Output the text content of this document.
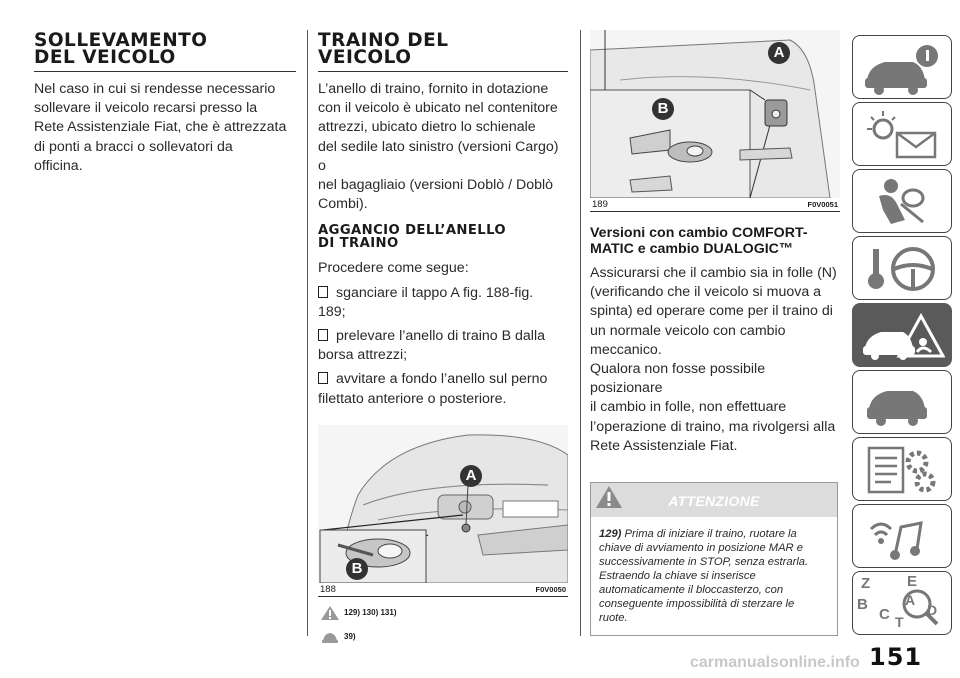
SOLLEVAMENTO
DEL VEICOLO
Nel caso in cui si rendesse necessario
sollevare il veicolo recarsi presso la
Rete Assistenziale Fiat, che è attrezzata
di ponti a bracci o sollevatori da
officina.
TRAINO DEL
VEICOLO
L’anello di traino, fornito in dotazione
con il veicolo è ubicato nel contenitore
attrezzi, ubicato dietro lo schienale
del sedile lato sinistro (versioni Cargo) o
nel bagagliaio (versioni Doblò / Doblò
Combi).
AGGANCIO DELL’ANELLO
DI TRAINO
Procedere come segue:
sganciare il tappo A fig. 188-fig.
189;
prelevare l’anello di traino B dalla
borsa attrezzi;
avvitare a fondo l’anello sul perno
filettato anteriore o posteriore.
A
B
188	F0V0050
129) 130) 131)
39)
A
B
189	F0V0051
Versioni con cambio COMFORT-
MATIC e cambio DUALOGIC™
Assicurarsi che il cambio sia in folle (N)
(verificando che il veicolo si muova a
spinta) ed operare come per il traino di
un normale veicolo con cambio
meccanico.
Qualora non fosse possibile posizionare
il cambio in folle, non effettuare
l’operazione di traino, ma rivolgersi alla
Rete Assistenziale Fiat.
ATTENZIONE
129) Prima di iniziare il traino, ruotare la
chiave di avviamento in posizione MAR e
successivamente in STOP, senza estrarla.
Estraendo la chiave si inserisce
automaticamente il bloccasterzo, con
conseguente impossibilità di sterzare le
ruote.
Z E
A
B
C T
D
151
carmanualsonline.info
